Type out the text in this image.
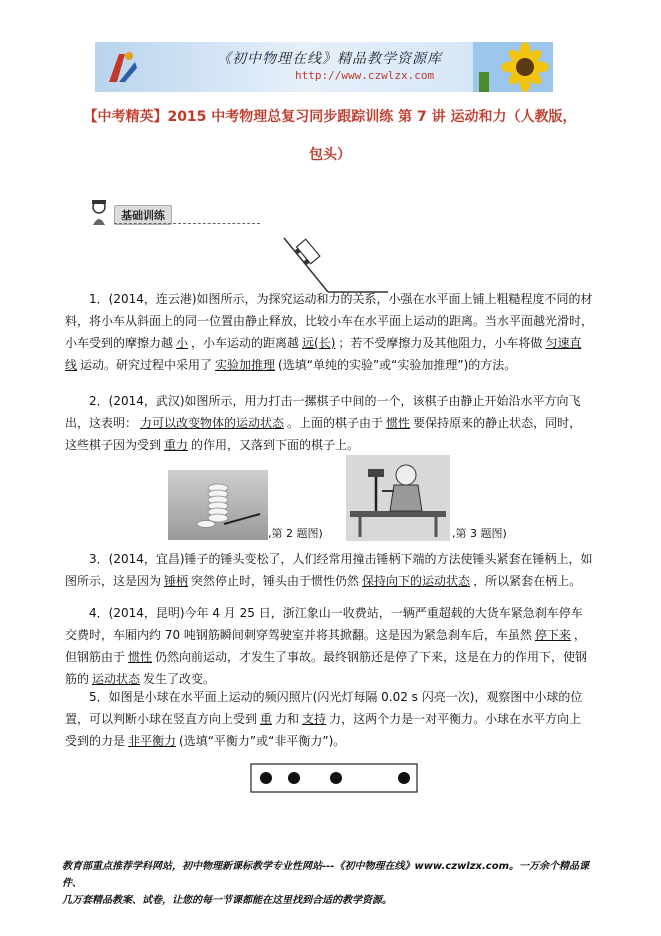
《初中物理在线》精品教学资源库
http://www.czwlzx.com
【中考精英】2015 中考物理总复习同步跟踪训练 第 7 讲 运动和力（人教版，
包头）
基础训练

1．(2014，连云港)如图所示，为探究运动和力的关系，小强在水平面上铺上粗糙程度不同的材料，将小车从斜面上的同一位置由静止释放，比较小车在水平面上运动的距离。当水平面越光滑时，小车受到的摩擦力越 小 ，小车运动的距离越 远(长) ；若不受摩擦力及其他阻力，小车将做 匀速直线 运动。研究过程中采用了 实验加推理 (选填“单纯的实验”或“实验加推理”)的方法。

2．(2014，武汉)如图所示，用力打击一摞棋子中间的一个，该棋子由静止开始沿水平方向飞出，这表明： 力可以改变物体的运动状态 。上面的棋子由于 惯性 要保持原来的静止状态，同时，这些棋子因为受到 重力 的作用，又落到下面的棋子上。

,第 2 题图)	,第 3 题图)

3．(2014，宜昌)锤子的锤头变松了，人们经常用撞击锤柄下端的方法使锤头紧套在锤柄上，如图所示，这是因为 锤柄 突然停止时，锤头由于惯性仍然 保持向下的运动状态 ，所以紧套在柄上。

4．(2014，昆明)今年 4 月 25 日，浙江象山一收费站，一辆严重超载的大货车紧急刹车停车交费时，车厢内约 70 吨钢筋瞬间刺穿驾驶室并将其掀翻。这是因为紧急刹车后，车虽然 停下来 ，但钢筋由于 惯性 仍然向前运动，才发生了事故。最终钢筋还是停了下来，这是在力的作用下，使钢筋的 运动状态 发生了改变。

5．如图是小球在水平面上运动的频闪照片(闪光灯每隔 0.02 s 闪亮一次)，观察图中小球的位置，可以判断小球在竖直方向上受到 重 力和 支持 力，这两个力是一对平衡力。小球在水平方向上受到的力是 非平衡力 (选填“平衡力”或“非平衡力”)。

教育部重点推荐学科网站，初中物理新课标教学专业性网站---《初中物理在线》www.czwlzx.com。一万余个精品课件、
几万套精品教案、试卷，让您的每一节课都能在这里找到合适的教学资源。
